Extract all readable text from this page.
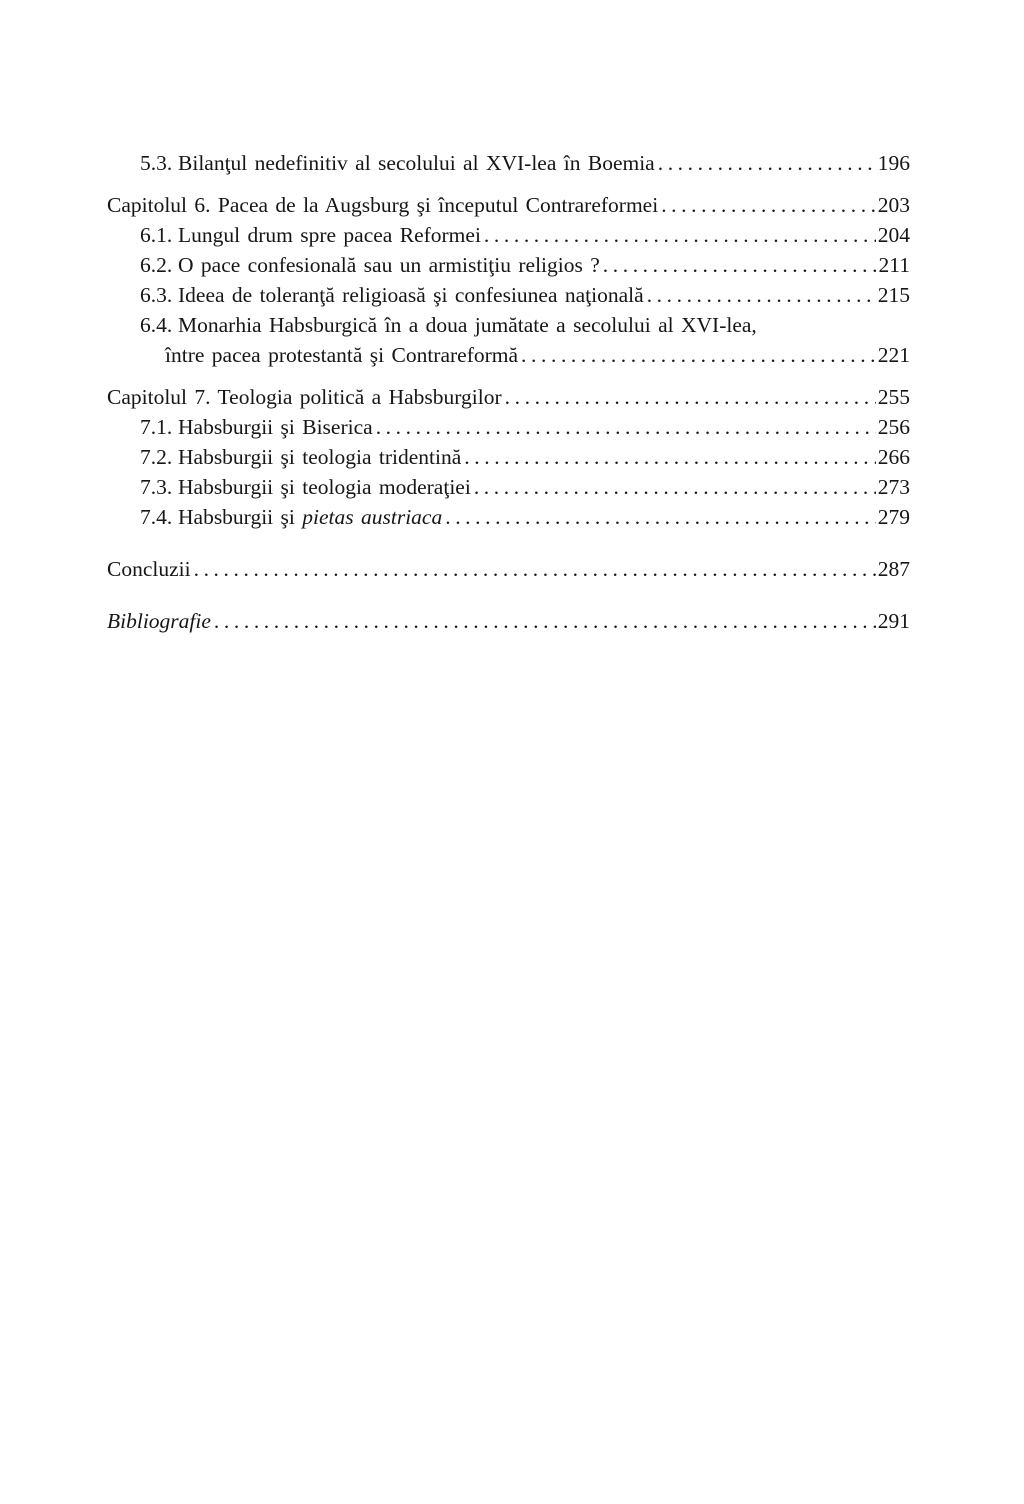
5.3. Bilanţul nedefinitiv al secolului al XVI-lea în Boemia .....	196
Capitolul 6. Pacea de la Augsburg şi începutul Contrareformei .....	203
6.1. Lungul drum spre pacea Reformei .....	204
6.2. O pace confesională sau un armistiţiu religios ? .....	211
6.3. Ideea de toleranţă religioasă şi confesiunea naţională .....	215
6.4. Monarhia Habsburgică în a doua jumătate a secolului al XVI-lea,
între pacea protestantă şi Contrareformă .....	221
Capitolul 7. Teologia politică a Habsburgilor .....	255
7.1. Habsburgii şi Biserica .....	256
7.2. Habsburgii şi teologia tridentină .....	266
7.3. Habsburgii şi teologia moderaţiei .....	273
7.4. Habsburgii şi pietas austriaca .....	279
Concluzii .....	287
Bibliografie .....	291
